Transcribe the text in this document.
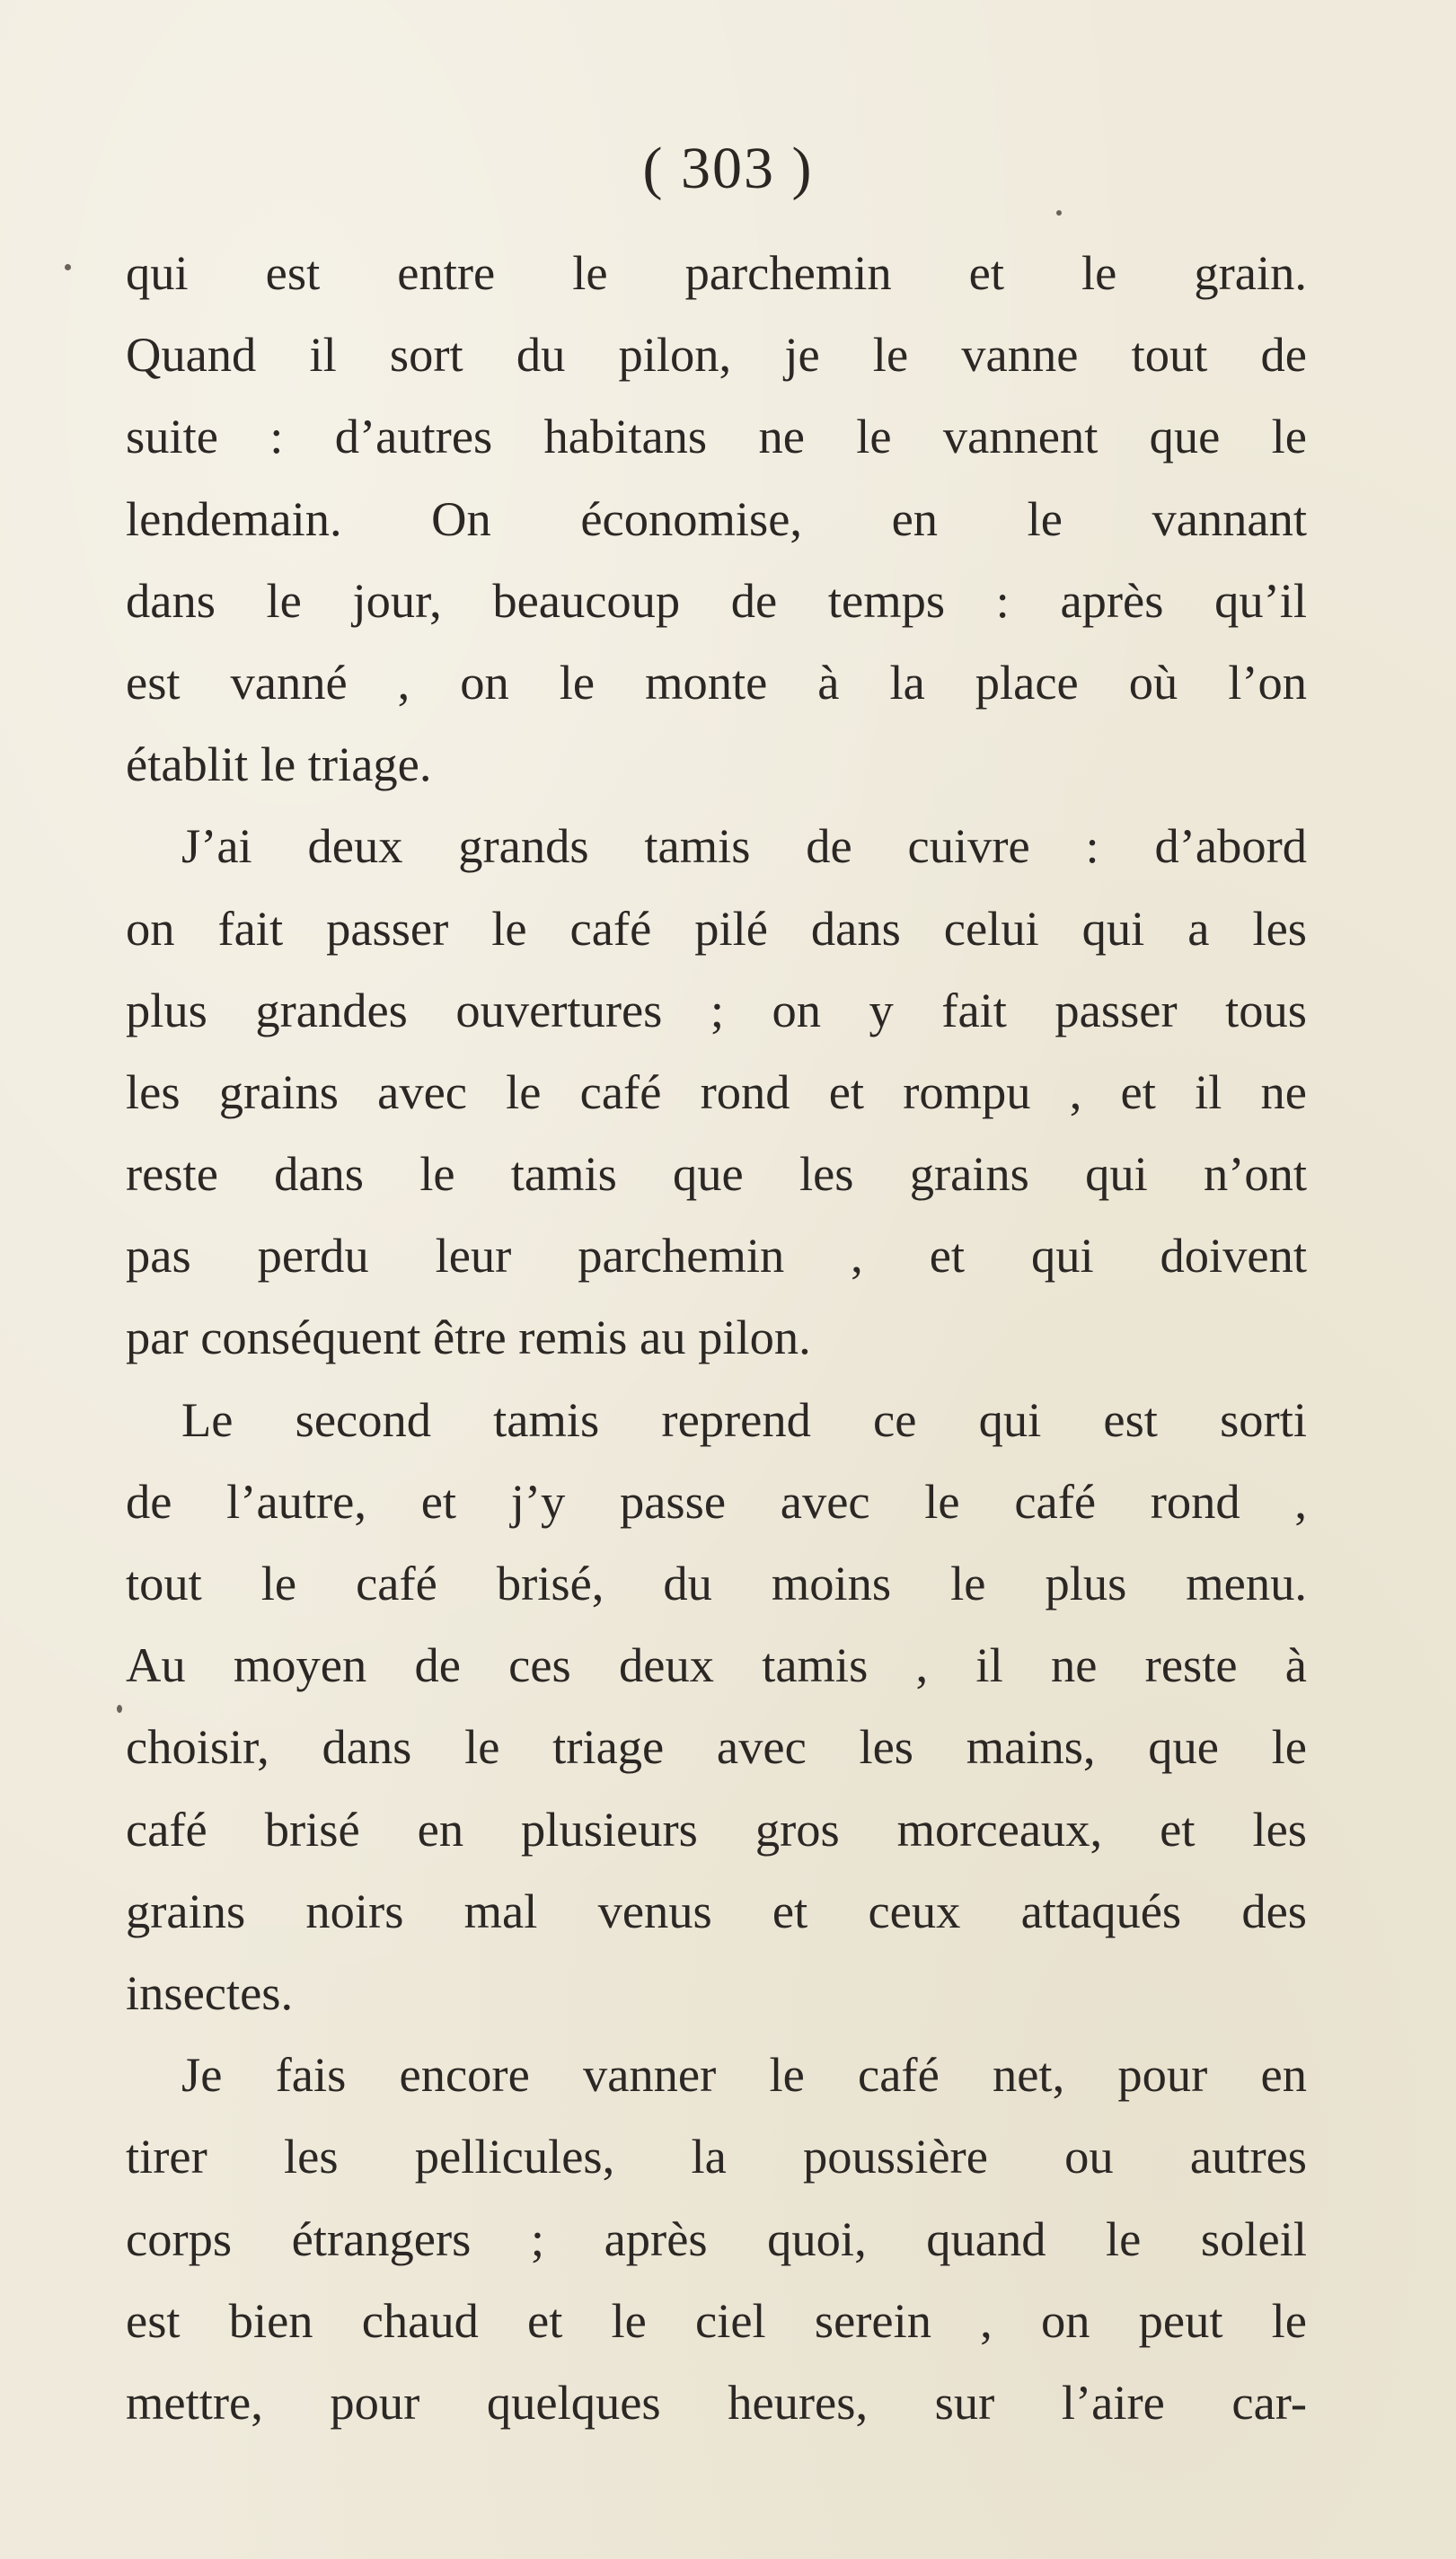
( 303 )
qui est entre le parchemin et le grain.
Quand il sort du pilon, je le vanne tout de
suite : d’autres habitans ne le vannent que le
lendemain. On économise, en le vannant
dans le jour, beaucoup de temps : après qu’il
est vanné , on le monte à la place où l’on
établit le triage.
J’ai deux grands tamis de cuivre : d’abord
on fait passer le café pilé dans celui qui a les
plus grandes ouvertures ; on y fait passer tous
les grains avec le café rond et rompu , et il ne
reste dans le tamis que les grains qui n’ont
pas perdu leur parchemin , et qui doivent
par conséquent être remis au pilon.
Le second tamis reprend ce qui est sorti
de l’autre, et j’y passe avec le café rond ,
tout le café brisé, du moins le plus menu.
Au moyen de ces deux tamis , il ne reste à
choisir, dans le triage avec les mains, que le
café brisé en plusieurs gros morceaux, et les
grains noirs mal venus et ceux attaqués des
insectes.
Je fais encore vanner le café net, pour en
tirer les pellicules, la poussière ou autres
corps étrangers ; après quoi, quand le soleil
est bien chaud et le ciel serein , on peut le
mettre, pour quelques heures, sur l’aire car-
